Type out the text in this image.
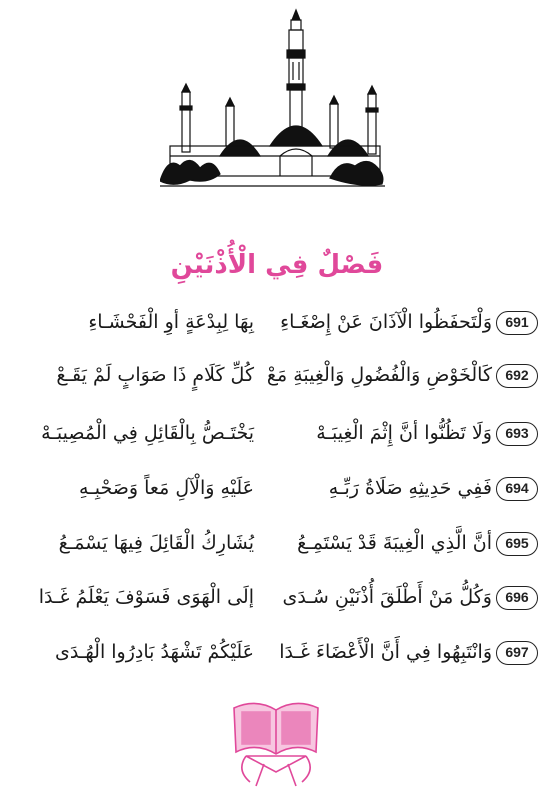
فَصْلٌ فِي الْأُذْنَيْنِ
691
وَلْتَحفَظُوا الْآذَانَ عَنْ إِصْغَـاءِ
بِهَا لِبِدْعَةٍ أوِ الْفَحْشَـاءِ
692
كَالْخَوْضِ وَالْفُضُولِ وَالْغِيبَةِ مَعْ
كُلِّ كَلَامٍ ذَا صَوَابٍ لَمْ يَقَـعْ
693
وَلَا تَظُنُّوا أنَّ إِثْمَ الْغِيبَـهْ
يَخْتَـصُّ بِالْقَائِلِ فِي الْمُصِيبَـهْ
694
فَفِي حَدِيثِهِ صَلَاةُ رَبِّـهِ
عَلَيْهِ وَالْآلِ مَعاً وَصَحْبِـهِ
695
أنَّ الَّذِي الْغِيبَةَ قَدْ يَسْتَمِـعُ
يُشَارِكُ الْقَائِلَ فِيهَا يَسْمَـعُ
696
وَكُلُّ مَنْ أَطْلَقَ أُذْنَيْنِ سُـدَى
إلَى الْهَوَى فَسَوْفَ يَعْلَمُ غَـدَا
697
وَانْتَبِهُوا فِي أَنَّ الْأَعْضَاءَ غَـدَا
عَلَيْكُمْ تَشْهَدُ بَادِرُوا الْهُـدَى
